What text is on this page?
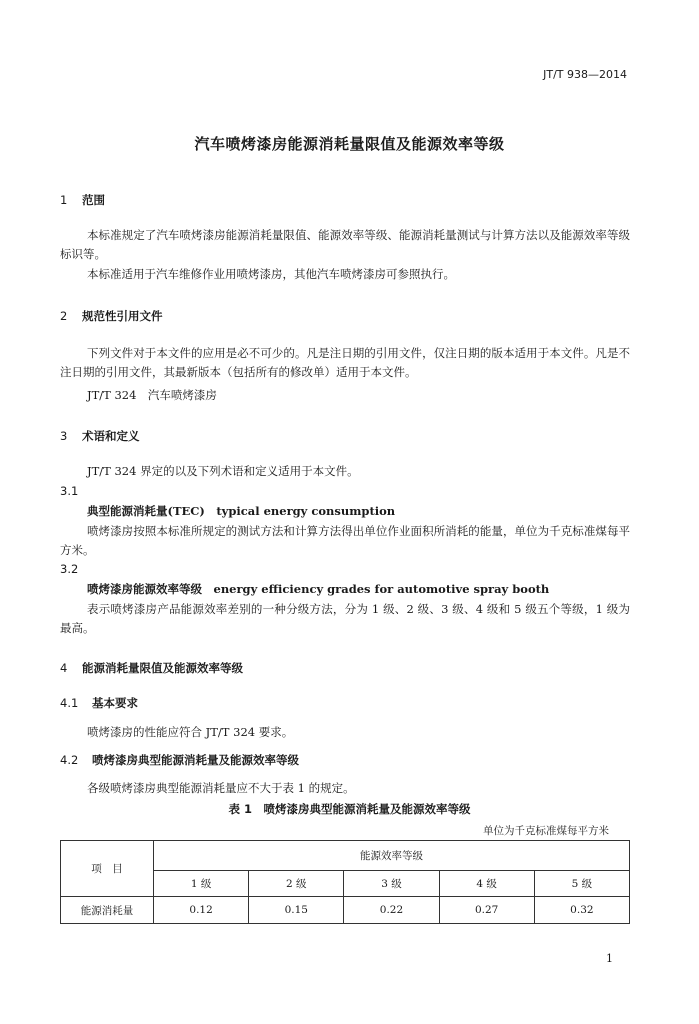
JT/T 938—2014
汽车喷烤漆房能源消耗量限值及能源效率等级
1 范围
本标准规定了汽车喷烤漆房能源消耗量限值、能源效率等级、能源消耗量测试与计算方法以及能源效率等级标识等。
本标准适用于汽车维修作业用喷烤漆房，其他汽车喷烤漆房可参照执行。
2 规范性引用文件
下列文件对于本文件的应用是必不可少的。凡是注日期的引用文件，仅注日期的版本适用于本文件。凡是不注日期的引用文件，其最新版本（包括所有的修改单）适用于本文件。
JT/T 324　汽车喷烤漆房
3 术语和定义
JT/T 324 界定的以及下列术语和定义适用于本文件。
3.1
典型能源消耗量(TEC)　typical energy consumption
喷烤漆房按照本标准所规定的测试方法和计算方法得出单位作业面积所消耗的能量，单位为千克标准煤每平方米。
3.2
喷烤漆房能源效率等级　energy efficiency grades for automotive spray booth
表示喷烤漆房产品能源效率差别的一种分级方法，分为 1 级、2 级、3 级、4 级和 5 级五个等级，1 级为最高。
4 能源消耗量限值及能源效率等级
4.1 基本要求
喷烤漆房的性能应符合 JT/T 324 要求。
4.2 喷烤漆房典型能源消耗量及能源效率等级
各级喷烤漆房典型能源消耗量应不大于表 1 的规定。
表 1　喷烤漆房典型能源消耗量及能源效率等级
单位为千克标准煤每平方米
项　目	能源效率等级				
	1 级	2 级	3 级	4 级	5 级
能源消耗量	0.12	0.15	0.22	0.27	0.32
1
